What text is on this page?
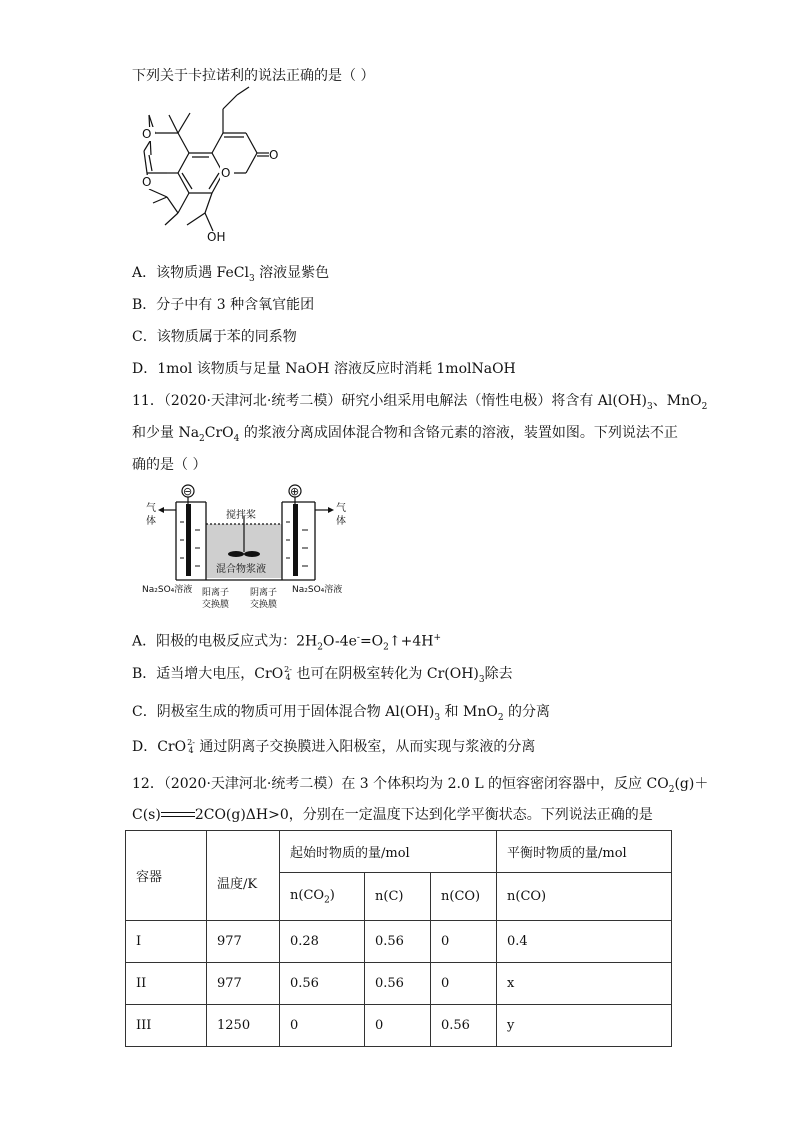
下列关于卡拉诺利的说法正确的是（ ）
O
O
O
O
OH
A．该物质遇 FeCl$_3$ 溶液显紫色
B．分子中有 3 种含氧官能团
C．该物质属于苯的同系物
D．1mol 该物质与足量 NaOH 溶液反应时消耗 1molNaOH
11．（2020·天津河北·统考二模）研究小组采用电解法（惰性电极）将含有 $Al(OH)_3$、MnO$_2$
和少量 $Na_2CrO_4$ 的浆液分离成固体混合物和含铬元素的溶液，装置如图。下列说法不正
确的是（ ）
⊖	⊕
气
体
气
体
搅拌桨
混合物浆液
Na₂SO₄溶液	Na₂SO₄溶液
阳离子
交换膜
阴离子
交换膜
A．阳极的电极反应式为：$2H_2O-4e^-=O_2↑+4H^+$
B．适当增大电压，CrO2-
4 也可在阴极室转化为 $Cr(OH)_3$除去
C．阴极室生成的物质可用于固体混合物 $Al(OH)_3$ 和 MnO$_2$ 的分离
D．CrO2-
4 通过阴离子交换膜进入阳极室，从而实现与浆液的分离
12．（2020·天津河北·统考二模）在 3 个体积均为 2.0 L 的恒容密闭容器中，反应 $CO_2(g)+$
C(s) 2CO(g)ΔH>0，分别在一定温度下达到化学平衡状态。下列说法正确的是
容器	温度/K	起始时物质的量/mol			平衡时物质的量/mol
		$n(CO_2)$	n(C)	n(CO)	n(CO)
I	977	0.28	0.56	0	0.4
II	977	0.56	0.56	0	x
III	1250	0	0	0.56	y
